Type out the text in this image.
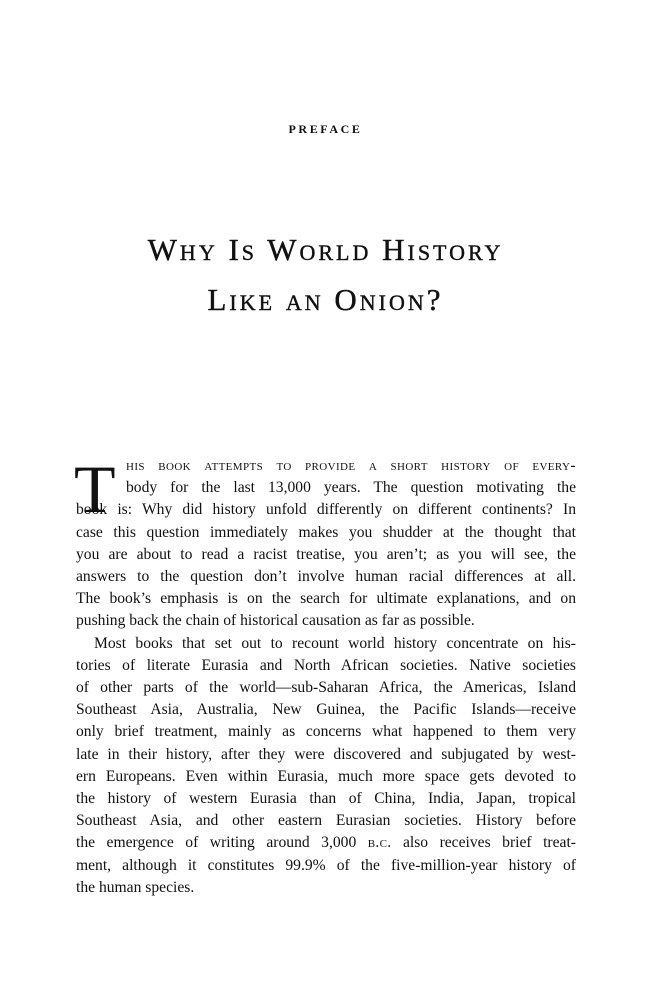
PREFACE
Why Is World History
Like an Onion?

T his book attempts to provide a short history of every-
body for the last 13,000 years. The question motivating the
book is: Why did history unfold differently on different continents? In
case this question immediately makes you shudder at the thought that
you are about to read a racist treatise, you aren’t; as you will see, the
answers to the question don’t involve human racial differences at all.
The book’s emphasis is on the search for ultimate explanations, and on
pushing back the chain of historical causation as far as possible.

Most books that set out to recount world history concentrate on his-
tories of literate Eurasia and North African societies. Native societies
of other parts of the world—sub-Saharan Africa, the Americas, Island
Southeast Asia, Australia, New Guinea, the Pacific Islands—receive
only brief treatment, mainly as concerns what happened to them very
late in their history, after they were discovered and subjugated by west-
ern Europeans. Even within Eurasia, much more space gets devoted to
the history of western Eurasia than of China, India, Japan, tropical
Southeast Asia, and other eastern Eurasian societies. History before
the emergence of writing around 3,000 b.c. also receives brief treat-
ment, although it constitutes 99.9% of the five-million-year history of
the human species.
